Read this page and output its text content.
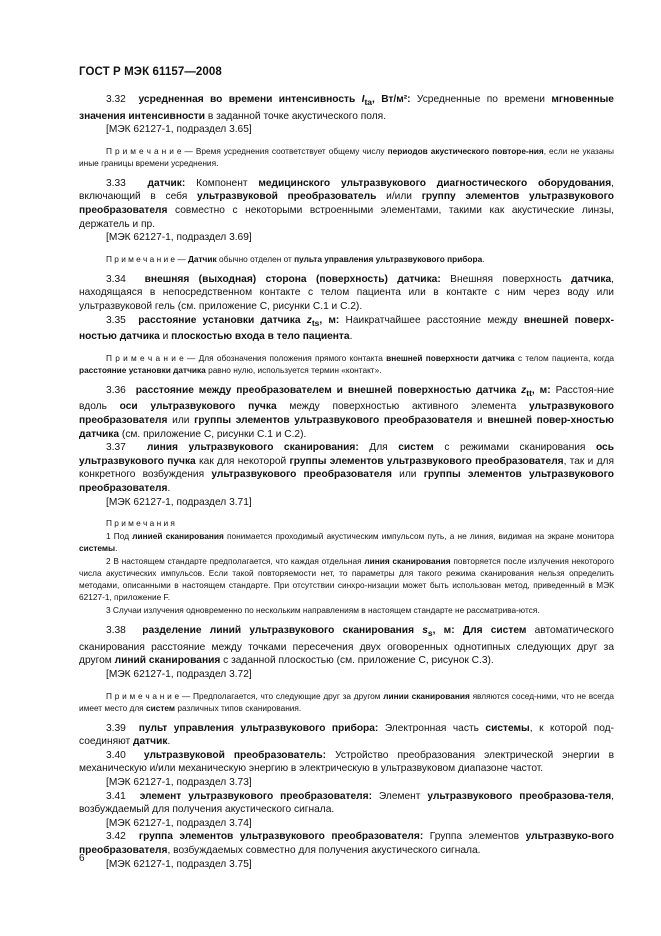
ГОСТ Р МЭК 61157—2008

3.32 усредненная во времени интенсивность $I_{ta}$, Вт/м²: Усредненные по времени мгновенные значения интенсивности в заданной точке акустического поля.

[МЭК 62127-1, подраздел 3.65]

П р и м е ч а н и е — Время усреднения соответствует общему числу периодов акустического повторе-ния, если не указаны иные границы времени усреднения.

3.33 датчик: Компонент медицинского ультразвукового диагностического оборудования, включающий в себя ультразвуковой преобразователь и/или группу элементов ультразвукового преобразователя совместно с некоторыми встроенными элементами, такими как акустические линзы, держатель и пр.

[МЭК 62127-1, подраздел 3.69]

П р и м е ч а н и е — Датчик обычно отделен от пульта управления ультразвукового прибора.

3.34 внешняя (выходная) сторона (поверхность) датчика: Внешняя поверхность датчика, находящаяся в непосредственном контакте с телом пациента или в контакте с ним через воду или ультразвуковой гель (см. приложение С, рисунки С.1 и С.2).

3.35 расстояние установки датчика $z_{ts}$, м: Наикратчайшее расстояние между внешней поверх-ностью датчика и плоскостью входа в тело пациента.

П р и м е ч а н и е — Для обозначения положения прямого контакта внешней поверхности датчика с телом пациента, когда расстояние установки датчика равно нулю, используется термин «контакт».

3.36 расстояние между преобразователем и внешней поверхностью датчика $z_{tt}$, м: Расстоя-ние вдоль оси ультразвукового пучка между поверхностью активного элемента ультразвукового преобразователя или группы элементов ультразвукового преобразователя и внешней повер-хностью датчика (см. приложение С, рисунки С.1 и С.2).

3.37 линия ультразвукового сканирования: Для систем с режимами сканирования ось ультразвукового пучка как для некоторой группы элементов ультразвукового преобразователя, так и для конкретного возбуждения ультразвукового преобразователя или группы элементов ультразвукового преобразователя.

[МЭК 62127-1, подраздел 3.71]

П р и м е ч а н и я

1 Под линией сканирования понимается проходимый акустическим импульсом путь, а не линия, видимая на экране монитора системы.

2 В настоящем стандарте предполагается, что каждая отдельная линия сканирования повторяется после излучения некоторого числа акустических импульсов. Если такой повторяемости нет, то параметры для такого режима сканирования нельзя определить методами, описанными в настоящем стандарте. При отсутствии синхро-низации может быть использован метод, приведенный в МЭК 62127-1, приложение F.

3 Случаи излучения одновременно по нескольким направлениям в настоящем стандарте не рассматрива-ются.

3.38 разделение линий ультразвукового сканирования $s_s$, м: Для систем автоматического сканирования расстояние между точками пересечения двух оговоренных однотипных следующих друг за другом линий сканирования с заданной плоскостью (см. приложение С, рисунок С.3).

[МЭК 62127-1, подраздел 3.72]

П р и м е ч а н и е — Предполагается, что следующие друг за другом линии сканирования являются сосед-ними, что не всегда имеет место для систем различных типов сканирования.

3.39 пульт управления ультразвукового прибора: Электронная часть системы, к которой под-соединяют датчик.

3.40 ультразвуковой преобразователь: Устройство преобразования электрической энергии в механическую и/или механическую энергию в электрическую в ультразвуковом диапазоне частот.

[МЭК 62127-1, подраздел 3.73]

3.41 элемент ультразвукового преобразователя: Элемент ультразвукового преобразова-теля, возбуждаемый для получения акустического сигнала.

[МЭК 62127-1, подраздел 3.74]

3.42 группа элементов ультразвукового преобразователя: Группа элементов ультразвуко-вого преобразователя, возбуждаемых совместно для получения акустического сигнала.

[МЭК 62127-1, подраздел 3.75]

6
